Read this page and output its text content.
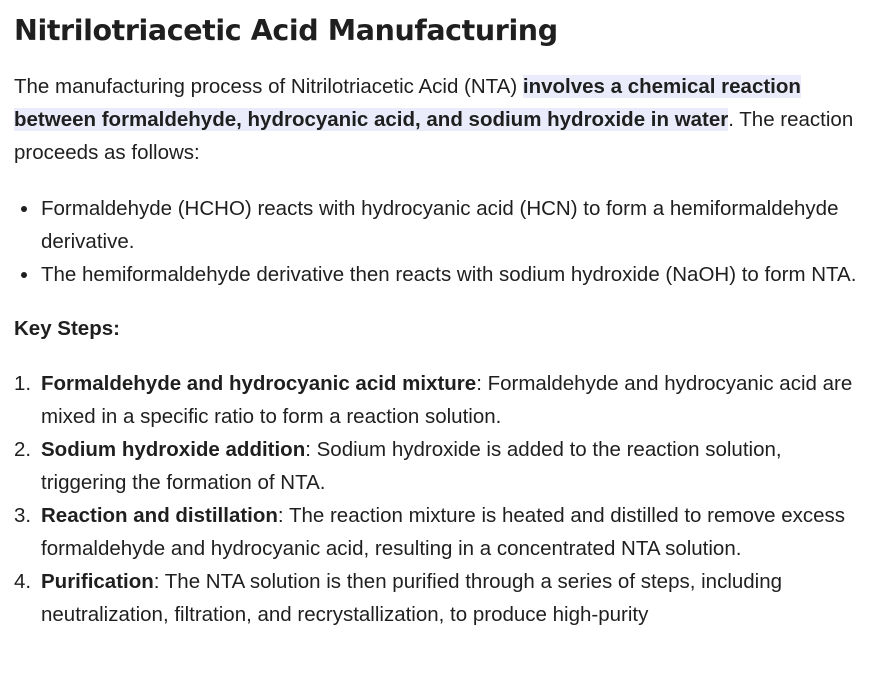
Nitrilotriacetic Acid Manufacturing

The manufacturing process of Nitrilotriacetic Acid (NTA) involves a chemical reaction between formaldehyde, hydrocyanic acid, and sodium hydroxide in water. The reaction proceeds as follows:

Formaldehyde (HCHO) reacts with hydrocyanic acid (HCN) to form a hemiformaldehyde derivative.
The hemiformaldehyde derivative then reacts with sodium hydroxide (NaOH) to form NTA.

Key Steps:

1. Formaldehyde and hydrocyanic acid mixture: Formaldehyde and hydrocyanic acid are mixed in a specific ratio to form a reaction solution.
2. Sodium hydroxide addition: Sodium hydroxide is added to the reaction solution, triggering the formation of NTA.
3. Reaction and distillation: The reaction mixture is heated and distilled to remove excess formaldehyde and hydrocyanic acid, resulting in a concentrated NTA solution.
4. Purification: The NTA solution is then purified through a series of steps, including neutralization, filtration, and recrystallization, to produce high-purity
